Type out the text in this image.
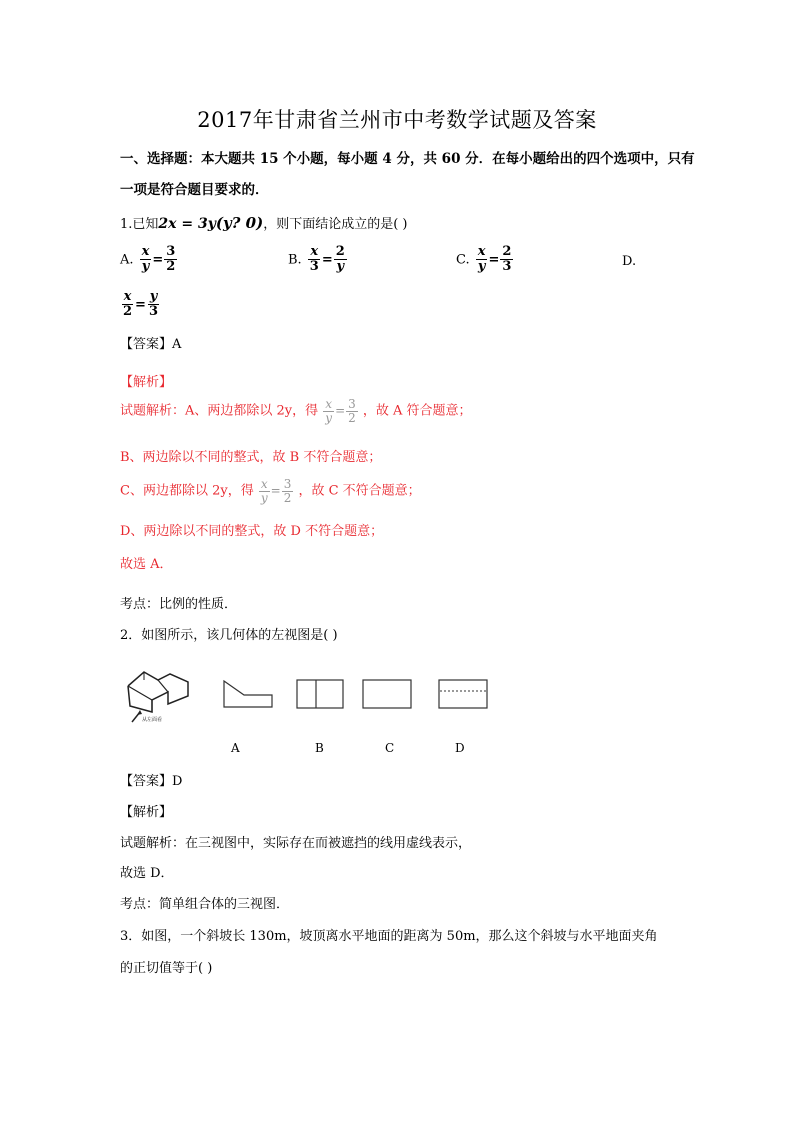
2017年甘肃省兰州市中考数学试题及答案
一、选择题：本大题共 15 个小题，每小题 4 分，共 60 分．在每小题给出的四个选项中，只有
一项是符合题目要求的．
1.已知2x = 3y(y? 0)，则下面结论成立的是( )
A. $\frac{x}{y} = \frac{3}{2}$	B. $\frac{x}{3} = \frac{2}{y}$	C. $\frac{x}{y} = \frac{2}{3}$	D.
$\frac{x}{2} = \frac{y}{3}$
【答案】A
【解析】
试题解析：A、两边都除以 2y，得 $\frac{x}{y} = \frac{3}{2}$ ，故 A 符合题意；
B、两边除以不同的整式，故 B 不符合题意；
C、两边都除以 2y，得 $\frac{x}{y} = \frac{3}{2}$ ，故 C 不符合题意；
D、两边除以不同的整式，故 D 不符合题意；
故选 A．
考点：比例的性质．
2．如图所示，该几何体的左视图是( )
从左面看
A	B	C	D
【答案】D
【解析】
试题解析：在三视图中，实际存在而被遮挡的线用虚线表示，
故选 D．
考点：简单组合体的三视图．
3．如图，一个斜坡长 130m，坡顶离水平地面的距离为 50m，那么这个斜坡与水平地面夹角
的正切值等于( )
